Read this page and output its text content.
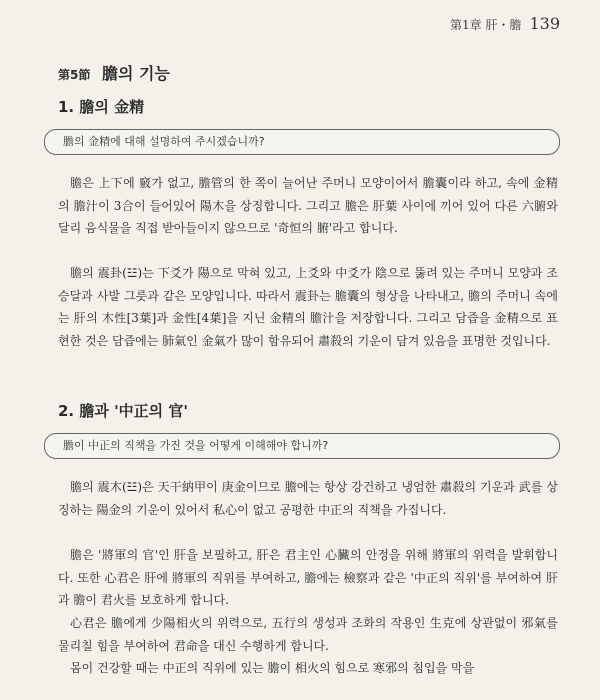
第1章 肝・膽 139
第5節 膽의 기능
1. 膽의 金精
膽의 金精에 대해 설명하여 주시겠습니까?
膽은 上下에 竅가 없고, 膽管의 한 쪽이 늘어난 주머니 모양이어서 膽囊이라 하고, 속에 金精의 膽汁이 3合이 들어있어 陽木을 상징합니다. 그리고 膽은 肝葉 사이에 끼어 있어 다른 六腑와 달리 음식물을 직접 받아들이지 않으므로 '奇恒의 腑'라고 합니다.
膽의 震卦(☳)는 下爻가 陽으로 막혀 있고, 上爻와 中爻가 陰으로 뚫려 있는 주머니 모양과 조승달과 사발 그릇과 같은 모양입니다. 따라서 震卦는 膽囊의 형상을 나타내고, 膽의 주머니 속에는 肝의 木性[3葉]과 金性[4葉]을 지닌 金精의 膽汁을 저장합니다. 그리고 담즙을 金精으로 표현한 것은 담즙에는 肺氣인 金氣가 많이 함유되어 肅殺의 기운이 담겨 있음을 표명한 것입니다.
2. 膽과 '中正의 官'
膽이 中正의 직책을 가진 것을 어떻게 이해해야 합니까?
膽의 震木(☳)은 天干納甲이 庚金이므로 膽에는 항상 강건하고 냉엄한 肅殺의 기운과 武를 상징하는 陽金의 기운이 있어서 私心이 없고 공평한 中正의 직책을 가집니다.
膽은 '將軍의 官'인 肝을 보필하고, 肝은 君主인 心臟의 안정을 위해 將軍의 위력을 발휘합니다. 또한 心君은 肝에 將軍의 직위를 부여하고, 膽에는 檢察과 같은 '中正의 직위'를 부여하여 肝과 膽이 君火를 보호하게 합니다.
心君은 膽에게 少陽相火의 위력으로, 五行의 생성과 조화의 작용인 生克에 상관없이 邪氣를 물리칠 힘을 부여하여 君命을 대신 수행하게 합니다.
몸이 건강할 때는 中正의 직위에 있는 膽이 相火의 힘으로 寒邪의 침입을 막을
